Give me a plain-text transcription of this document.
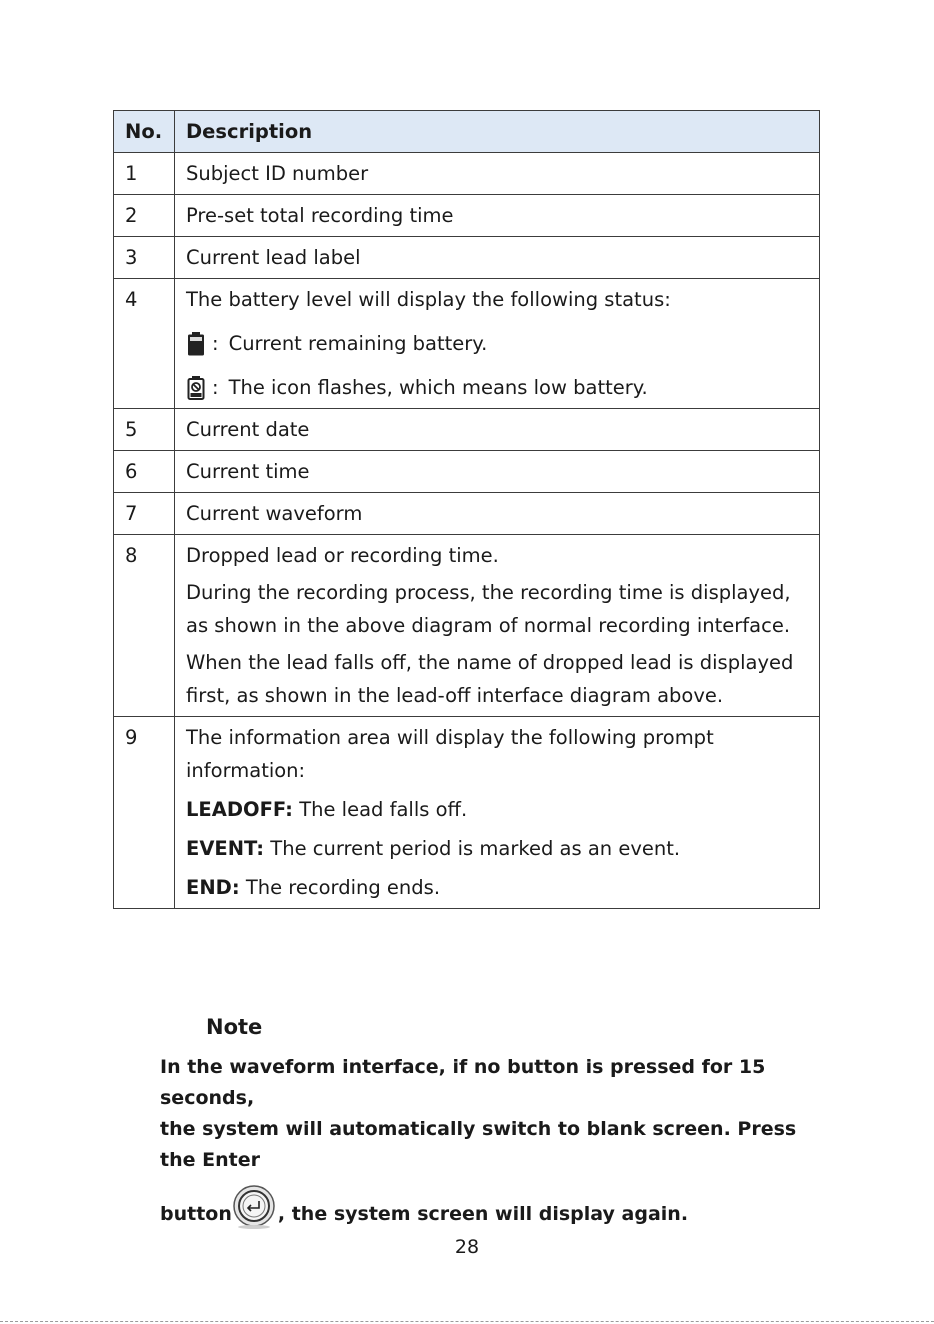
No.	Description
1	Subject ID number
2	Pre-set total recording time
3	Current lead label
4	The battery level will display the following status:
: Current remaining battery.
: The icon flashes, which means low battery.

5	Current date
6	Current time
7	Current waveform
8	Dropped lead or recording time.
During the recording process, the recording time is displayed, as shown in the above diagram of normal recording interface.
When the lead falls off, the name of dropped lead is displayed first, as shown in the lead-off interface diagram above.

9	The information area will display the following prompt information:
LEADOFF: The lead falls off.
EVENT: The current period is marked as an event.
END: The recording ends.
Note
In the waveform interface, if no button is pressed for 15 seconds,
the system will automatically switch to blank screen. Press the Enter
button , the system screen will display again.
28
